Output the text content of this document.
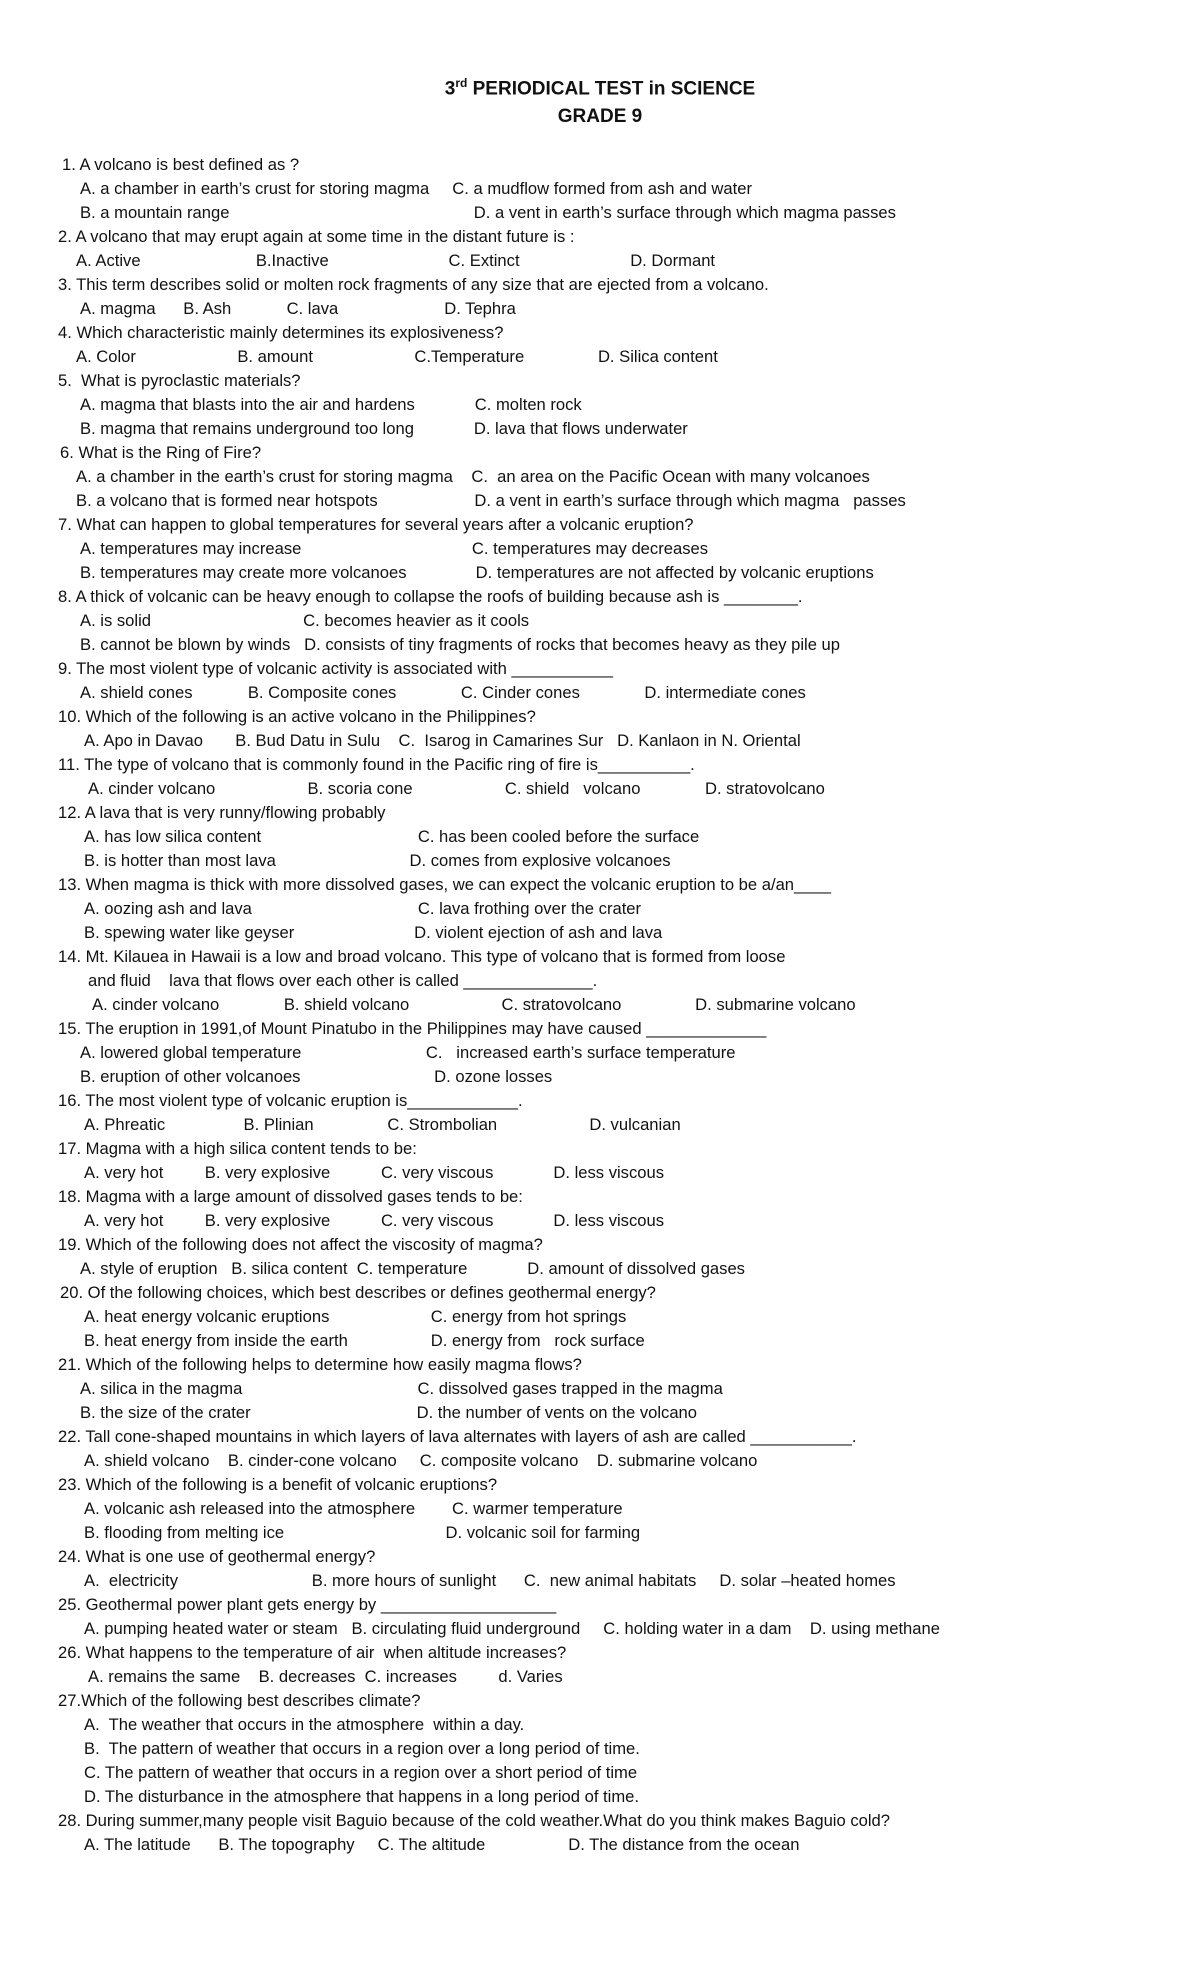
3rd PERIODICAL TEST in SCIENCE
GRADE 9
1. A volcano is best defined as ?
A. a chamber in earth’s crust for storing magma     C. a mudflow formed from ash and water
B. a mountain range                                                     D. a vent in earth’s surface through which magma passes
2. A volcano that may erupt again at some time in the distant future is :
A. Active                         B.Inactive                          C. Extinct                        D. Dormant
3. This term describes solid or molten rock fragments of any size that are ejected from a volcano.
A. magma      B. Ash            C. lava                       D. Tephra
4. Which characteristic mainly determines its explosiveness?
A. Color                      B. amount                      C.Temperature                D. Silica content
5.  What is pyroclastic materials?
A. magma that blasts into the air and hardens             C. molten rock
B. magma that remains underground too long             D. lava that flows underwater
6. What is the Ring of Fire?
A. a chamber in the earth’s crust for storing magma    C.  an area on the Pacific Ocean with many volcanoes
B. a volcano that is formed near hotspots                     D. a vent in earth’s surface through which magma   passes
7. What can happen to global temperatures for several years after a volcanic eruption?
A. temperatures may increase                                     C. temperatures may decreases
B. temperatures may create more volcanoes               D. temperatures are not affected by volcanic eruptions
8. A thick of volcanic can be heavy enough to collapse the roofs of building because ash is ________.
A. is solid                                 C. becomes heavier as it cools
B. cannot be blown by winds   D. consists of tiny fragments of rocks that becomes heavy as they pile up
9. The most violent type of volcanic activity is associated with ___________
A. shield cones            B. Composite cones              C. Cinder cones              D. intermediate cones
10. Which of the following is an active volcano in the Philippines?
A. Apo in Davao       B. Bud Datu in Sulu    C.  Isarog in Camarines Sur   D. Kanlaon in N. Oriental
11. The type of volcano that is commonly found in the Pacific ring of fire is__________.
A. cinder volcano                    B. scoria cone                    C. shield   volcano              D. stratovolcano
12. A lava that is very runny/flowing probably
A. has low silica content                                  C. has been cooled before the surface
B. is hotter than most lava                             D. comes from explosive volcanoes
13. When magma is thick with more dissolved gases, we can expect the volcanic eruption to be a/an____
A. oozing ash and lava                                    C. lava frothing over the crater
B. spewing water like geyser                          D. violent ejection of ash and lava
14. Mt. Kilauea in Hawaii is a low and broad volcano. This type of volcano that is formed from loose
and fluid    lava that flows over each other is called ______________.
A. cinder volcano              B. shield volcano                    C. stratovolcano                D. submarine volcano
15. The eruption in 1991,of Mount Pinatubo in the Philippines may have caused _____________
A. lowered global temperature                           C.   increased earth’s surface temperature
B. eruption of other volcanoes                             D. ozone losses
16. The most violent type of volcanic eruption is____________.
A. Phreatic                 B. Plinian                C. Strombolian                    D. vulcanian
17. Magma with a high silica content tends to be:
A. very hot         B. very explosive           C. very viscous             D. less viscous
18. Magma with a large amount of dissolved gases tends to be:
A. very hot         B. very explosive           C. very viscous             D. less viscous
19. Which of the following does not affect the viscosity of magma?
A. style of eruption   B. silica content  C. temperature             D. amount of dissolved gases
20. Of the following choices, which best describes or defines geothermal energy?
A. heat energy volcanic eruptions                      C. energy from hot springs
B. heat energy from inside the earth                  D. energy from   rock surface
21. Which of the following helps to determine how easily magma flows?
A. silica in the magma                                      C. dissolved gases trapped in the magma
B. the size of the crater                                    D. the number of vents on the volcano
22. Tall cone-shaped mountains in which layers of lava alternates with layers of ash are called ___________.
A. shield volcano    B. cinder-cone volcano     C. composite volcano    D. submarine volcano
23. Which of the following is a benefit of volcanic eruptions?
A. volcanic ash released into the atmosphere        C. warmer temperature
B. flooding from melting ice                                   D. volcanic soil for farming
24. What is one use of geothermal energy?
A.  electricity                             B. more hours of sunlight      C.  new animal habitats     D. solar –heated homes
25. Geothermal power plant gets energy by ___________________
A. pumping heated water or steam   B. circulating fluid underground     C. holding water in a dam    D. using methane
26. What happens to the temperature of air  when altitude increases?
A. remains the same    B. decreases  C. increases         d. Varies
27.Which of the following best describes climate?
A.  The weather that occurs in the atmosphere  within a day.
B.  The pattern of weather that occurs in a region over a long period of time.
C. The pattern of weather that occurs in a region over a short period of time
D. The disturbance in the atmosphere that happens in a long period of time.
28. During summer,many people visit Baguio because of the cold weather.What do you think makes Baguio cold?
A. The latitude      B. The topography     C. The altitude                  D. The distance from the ocean
